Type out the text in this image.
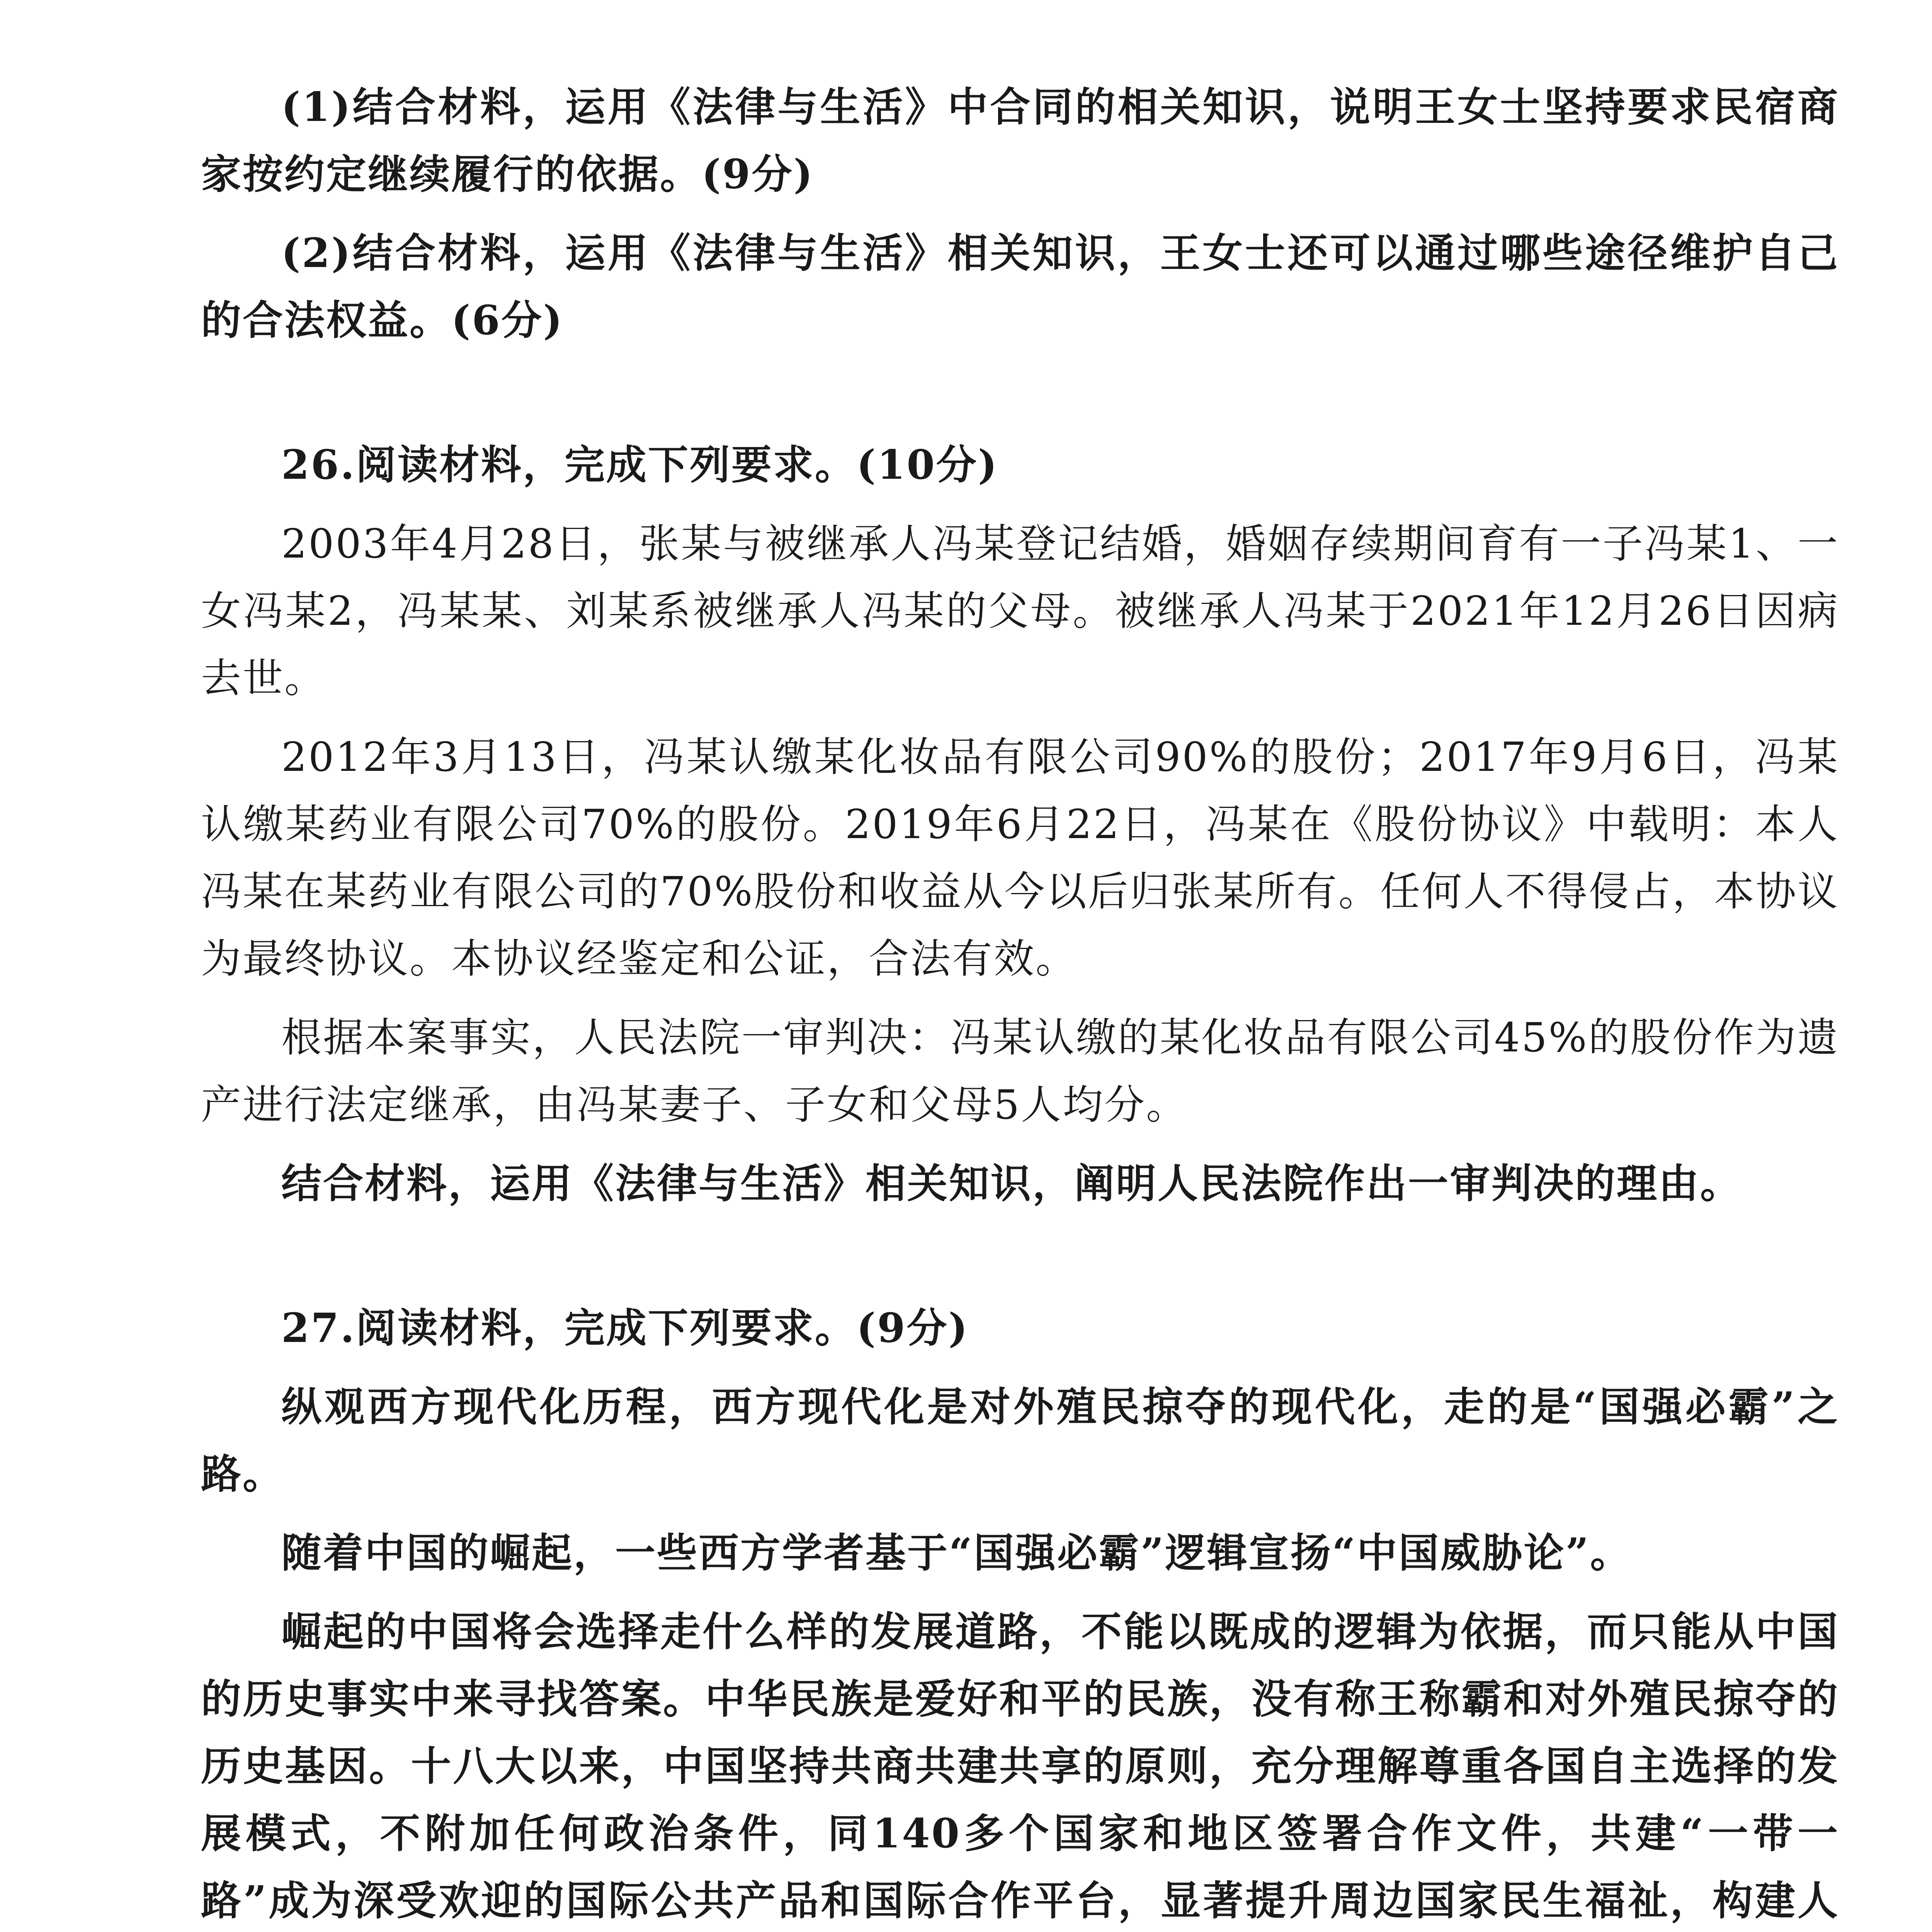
(1)结合材料，运用《法律与生活》中合同的相关知识，说明王女士坚持要求民宿商家按约定继续履行的依据。(9分)

(2)结合材料，运用《法律与生活》相关知识，王女士还可以通过哪些途径维护自己的合法权益。(6分)

26.阅读材料，完成下列要求。(10分)

2003年4月28日，张某与被继承人冯某登记结婚，婚姻存续期间育有一子冯某1、一女冯某2，冯某某、刘某系被继承人冯某的父母。被继承人冯某于2021年12月26日因病去世。

2012年3月13日，冯某认缴某化妆品有限公司90%的股份；2017年9月6日，冯某认缴某药业有限公司70%的股份。2019年6月22日，冯某在《股份协议》中载明：本人冯某在某药业有限公司的70%股份和收益从今以后归张某所有。任何人不得侵占，本协议为最终协议。本协议经鉴定和公证，合法有效。

根据本案事实，人民法院一审判决：冯某认缴的某化妆品有限公司45%的股份作为遗产进行法定继承，由冯某妻子、子女和父母5人均分。

结合材料，运用《法律与生活》相关知识，阐明人民法院作出一审判决的理由。

27.阅读材料，完成下列要求。(9分)

纵观西方现代化历程，西方现代化是对外殖民掠夺的现代化，走的是“国强必霸”之路。

随着中国的崛起，一些西方学者基于“国强必霸”逻辑宣扬“中国威胁论”。

崛起的中国将会选择走什么样的发展道路，不能以既成的逻辑为依据，而只能从中国的历史事实中来寻找答案。中华民族是爱好和平的民族，没有称王称霸和对外殖民掠夺的历史基因。十八大以来，中国坚持共商共建共享的原则，充分理解尊重各国自主选择的发展模式，不附加任何政治条件，同140多个国家和地区签署合作文件，共建“一带一路”成为深受欢迎的国际公共产品和国际合作平台，显著提升周边国家民生福祉，构建人
